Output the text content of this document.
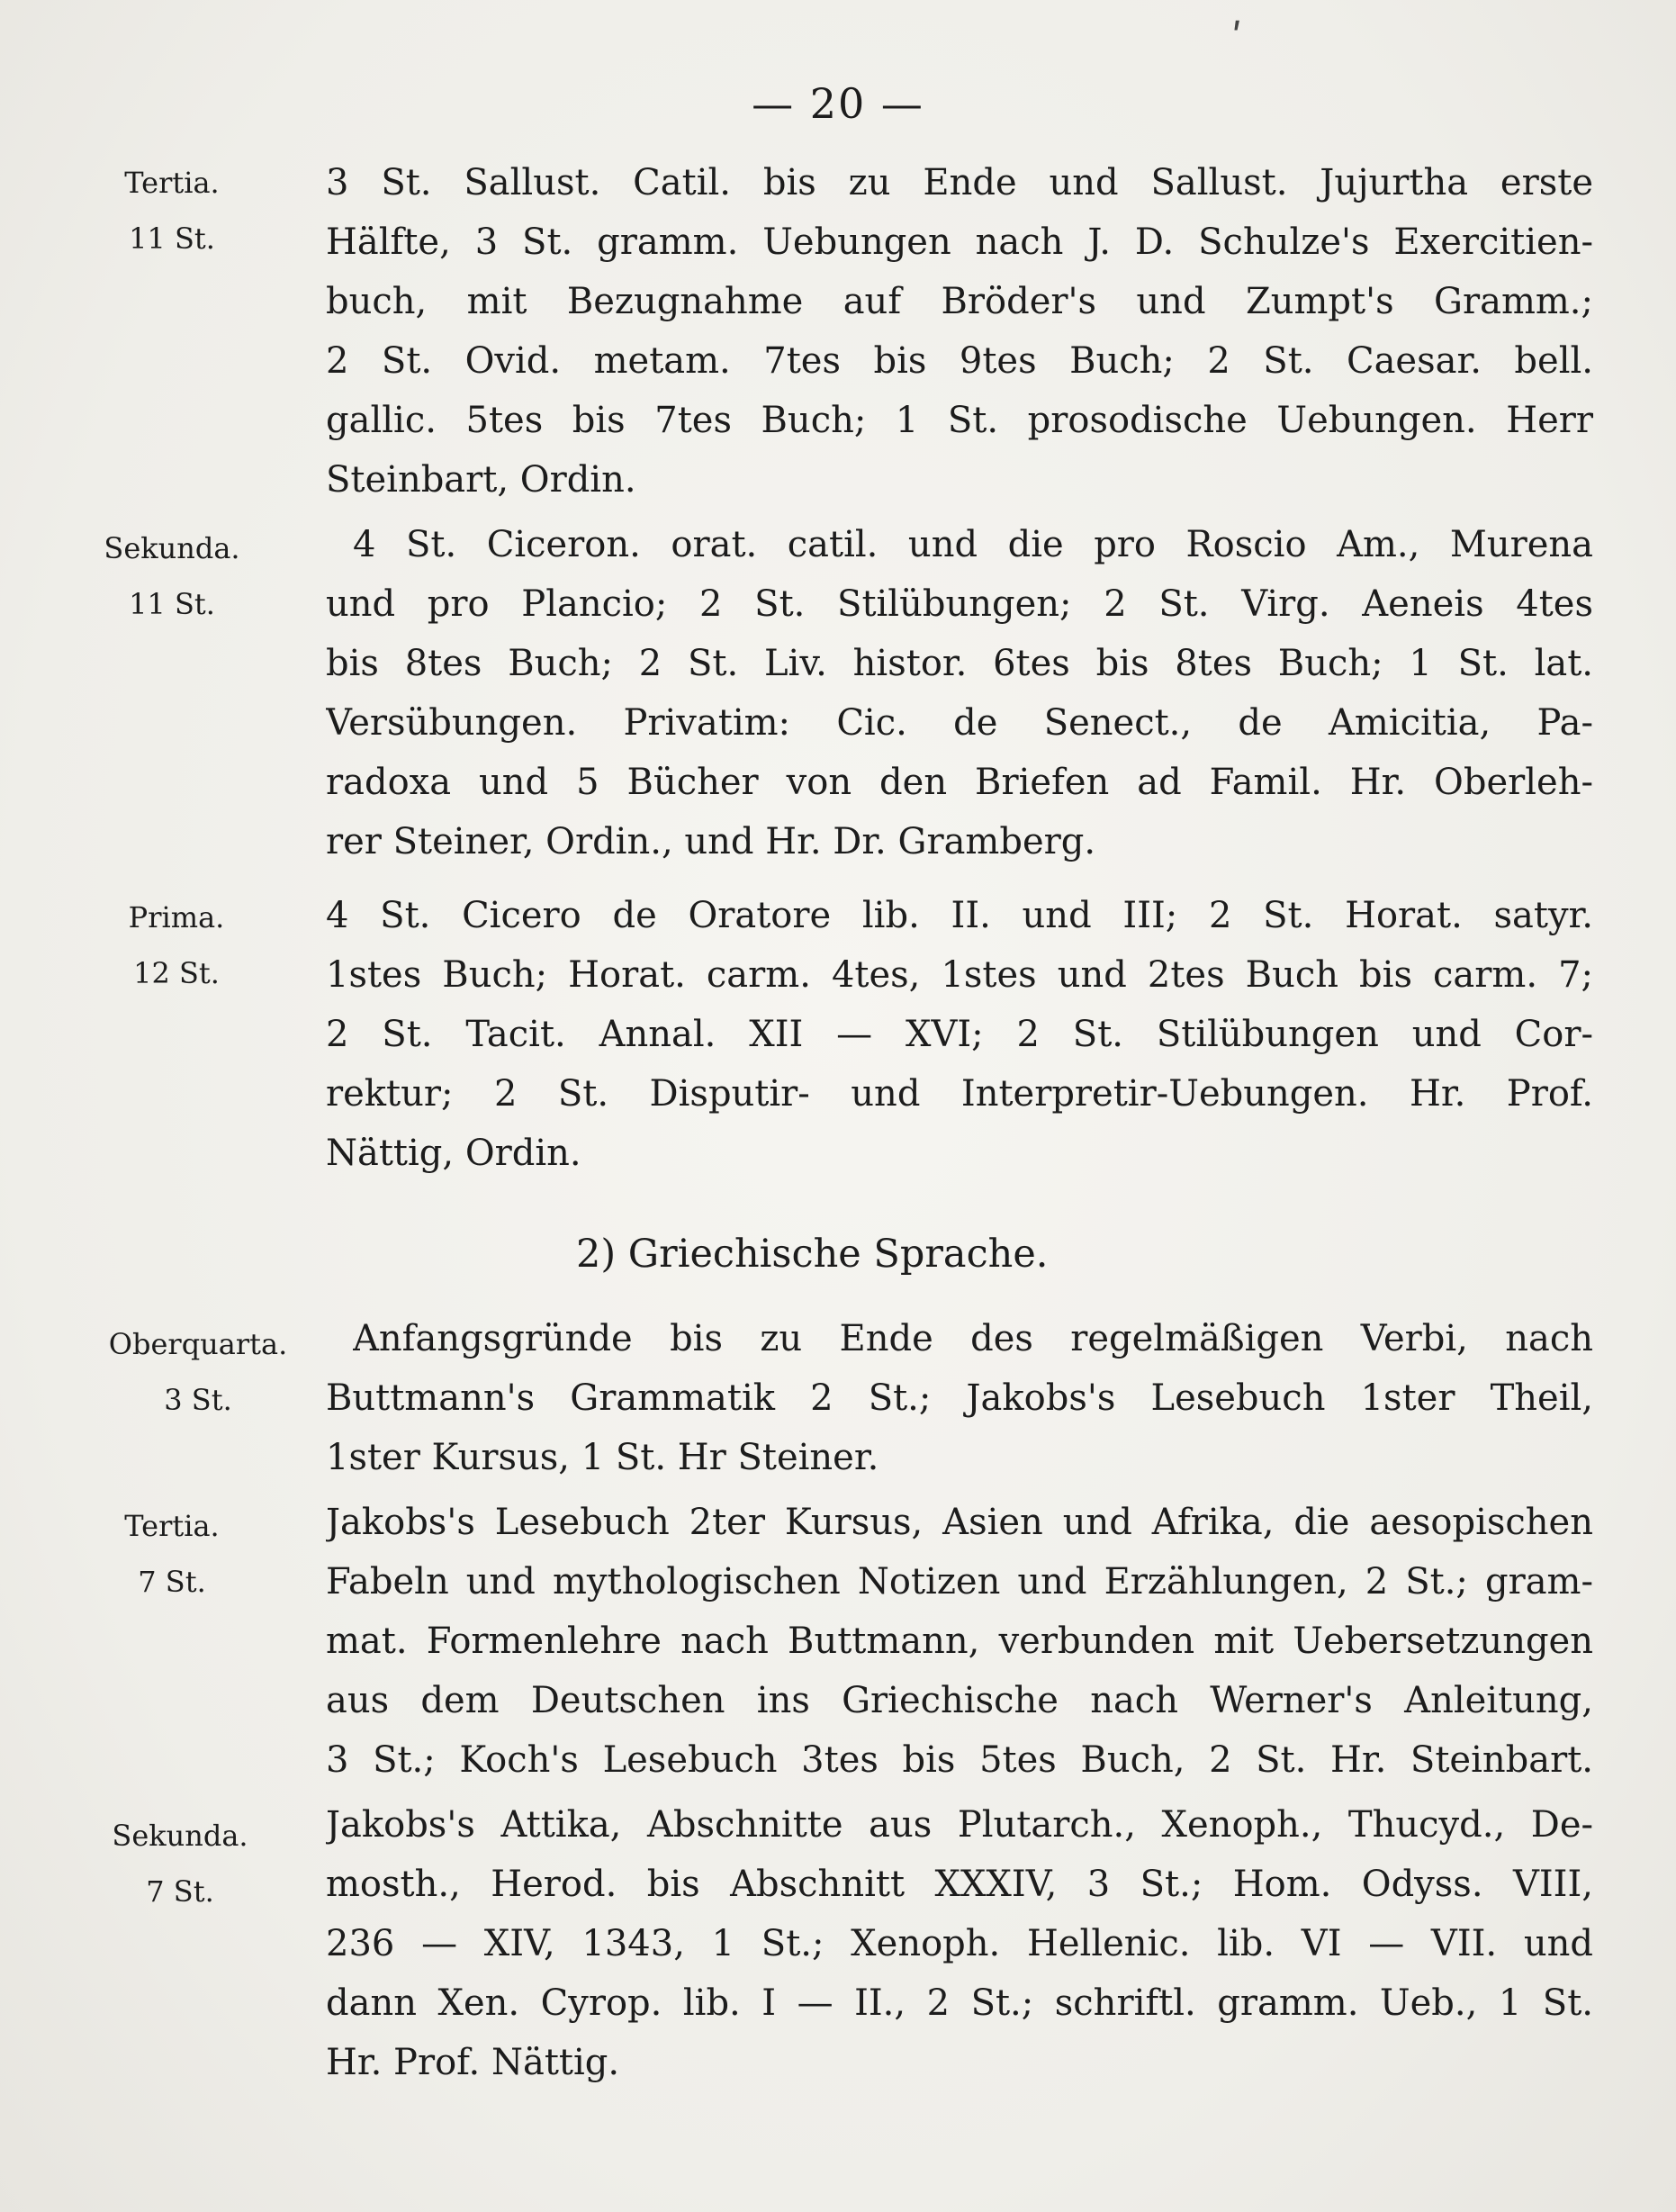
ʹ
— 20 —
Tertia.
11 St.
3 St. Sallust. Catil. bis zu Ende und Sallust. Jujurtha erste
Hälfte, 3 St. gramm. Uebungen nach J. D. Schulze's Exercitien-
buch, mit Bezugnahme auf Bröder's und Zumpt's Gramm.;
2 St. Ovid. metam. 7tes bis 9tes Buch; 2 St. Caesar. bell.
gallic. 5tes bis 7tes Buch; 1 St. prosodische Uebungen. Herr
Steinbart, Ordin.
Sekunda.
11 St.
4 St. Ciceron. orat. catil. und die pro Roscio Am., Murena
und pro Plancio; 2 St. Stilübungen; 2 St. Virg. Aeneis 4tes
bis 8tes Buch; 2 St. Liv. histor. 6tes bis 8tes Buch; 1 St. lat.
Versübungen. Privatim: Cic. de Senect., de Amicitia, Pa-
radoxa und 5 Bücher von den Briefen ad Famil. Hr. Oberleh-
rer Steiner, Ordin., und Hr. Dr. Gramberg.
Prima.
12 St.
4 St. Cicero de Oratore lib. II. und III; 2 St. Horat. satyr.
1stes Buch; Horat. carm. 4tes, 1stes und 2tes Buch bis carm. 7;
2 St. Tacit. Annal. XII — XVI; 2 St. Stilübungen und Cor-
rektur; 2 St. Disputir- und Interpretir-Uebungen. Hr. Prof.
Nättig, Ordin.
2) Griechische Sprache.
Oberquarta.
3 St.
Anfangsgründe bis zu Ende des regelmäßigen Verbi, nach
Buttmann's Grammatik 2 St.; Jakobs's Lesebuch 1ster Theil,
1ster Kursus, 1 St. Hr Steiner.
Tertia.
7 St.
Jakobs's Lesebuch 2ter Kursus, Asien und Afrika, die aesopischen
Fabeln und mythologischen Notizen und Erzählungen, 2 St.; gram-
mat. Formenlehre nach Buttmann, verbunden mit Uebersetzungen
aus dem Deutschen ins Griechische nach Werner's Anleitung,
3 St.; Koch's Lesebuch 3tes bis 5tes Buch, 2 St. Hr. Steinbart.
Sekunda.
7 St.
Jakobs's Attika, Abschnitte aus Plutarch., Xenoph., Thucyd., De-
mosth., Herod. bis Abschnitt XXXIV, 3 St.; Hom. Odyss. VIII,
236 — XIV, 1343, 1 St.; Xenoph. Hellenic. lib. VI — VII. und
dann Xen. Cyrop. lib. I — II., 2 St.; schriftl. gramm. Ueb., 1 St.
Hr. Prof. Nättig.
